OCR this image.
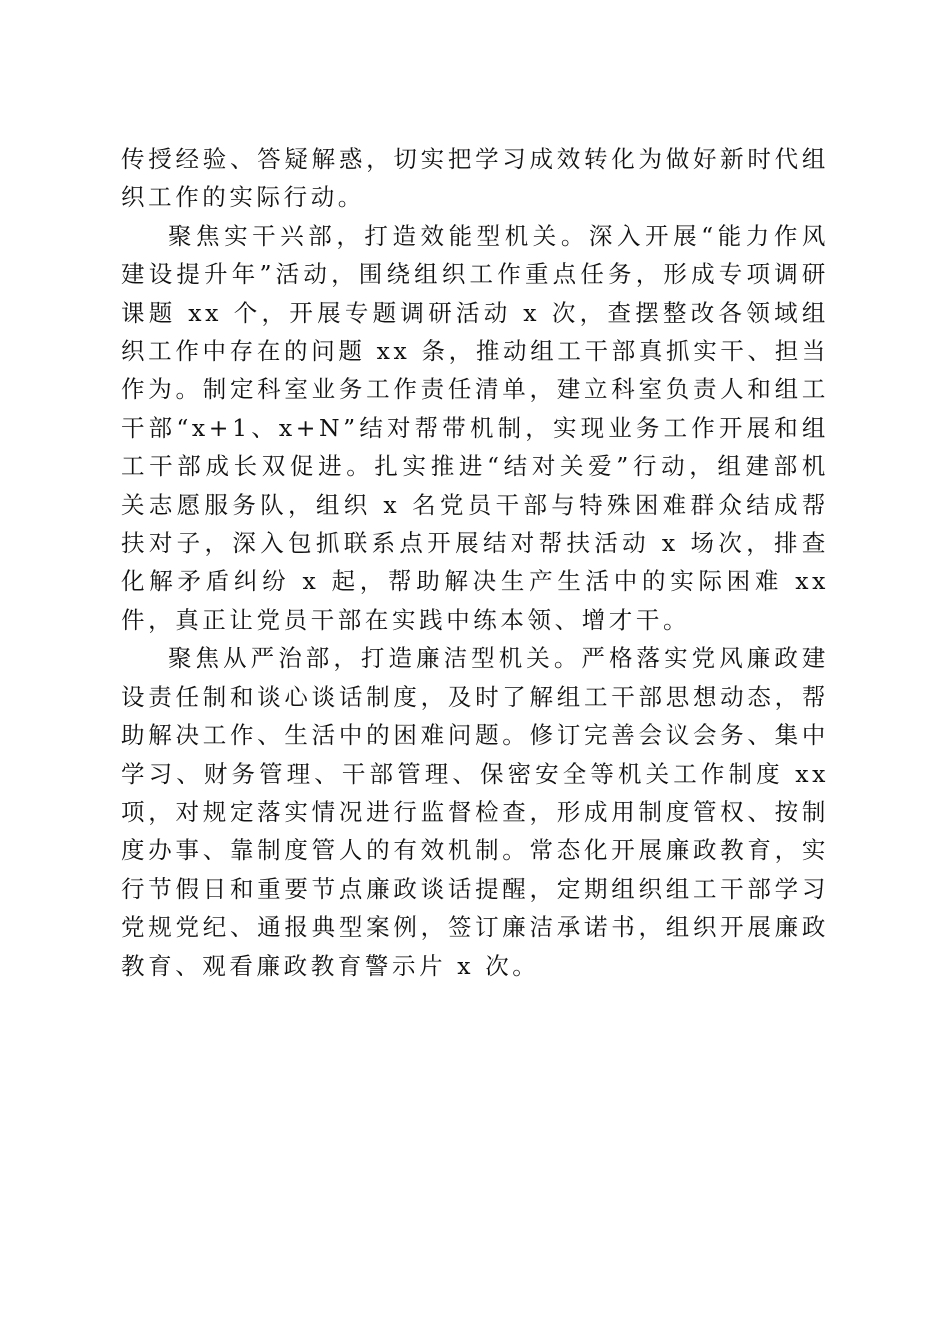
传授经验、答疑解惑，切实把学习成效转化为做好新时代组织工作的实际行动。

聚焦实干兴部，打造效能型机关。深入开展“能力作风建设提升年”活动，围绕组织工作重点任务，形成专项调研课题 xx 个，开展专题调研活动 x 次，查摆整改各领域组织工作中存在的问题 xx 条，推动组工干部真抓实干、担当作为。制定科室业务工作责任清单，建立科室负责人和组工干部“x+1、x+N”结对帮带机制，实现业务工作开展和组工干部成长双促进。扎实推进“结对关爱”行动，组建部机关志愿服务队，组织 x 名党员干部与特殊困难群众结成帮扶对子，深入包抓联系点开展结对帮扶活动 x 场次，排查化解矛盾纠纷 x 起，帮助解决生产生活中的实际困难 xx 件，真正让党员干部在实践中练本领、增才干。

聚焦从严治部，打造廉洁型机关。严格落实党风廉政建设责任制和谈心谈话制度，及时了解组工干部思想动态，帮助解决工作、生活中的困难问题。修订完善会议会务、集中学习、财务管理、干部管理、保密安全等机关工作制度 xx 项，对规定落实情况进行监督检查，形成用制度管权、按制度办事、靠制度管人的有效机制。常态化开展廉政教育，实行节假日和重要节点廉政谈话提醒，定期组织组工干部学习党规党纪、通报典型案例，签订廉洁承诺书，组织开展廉政教育、观看廉政教育警示片 x 次。
